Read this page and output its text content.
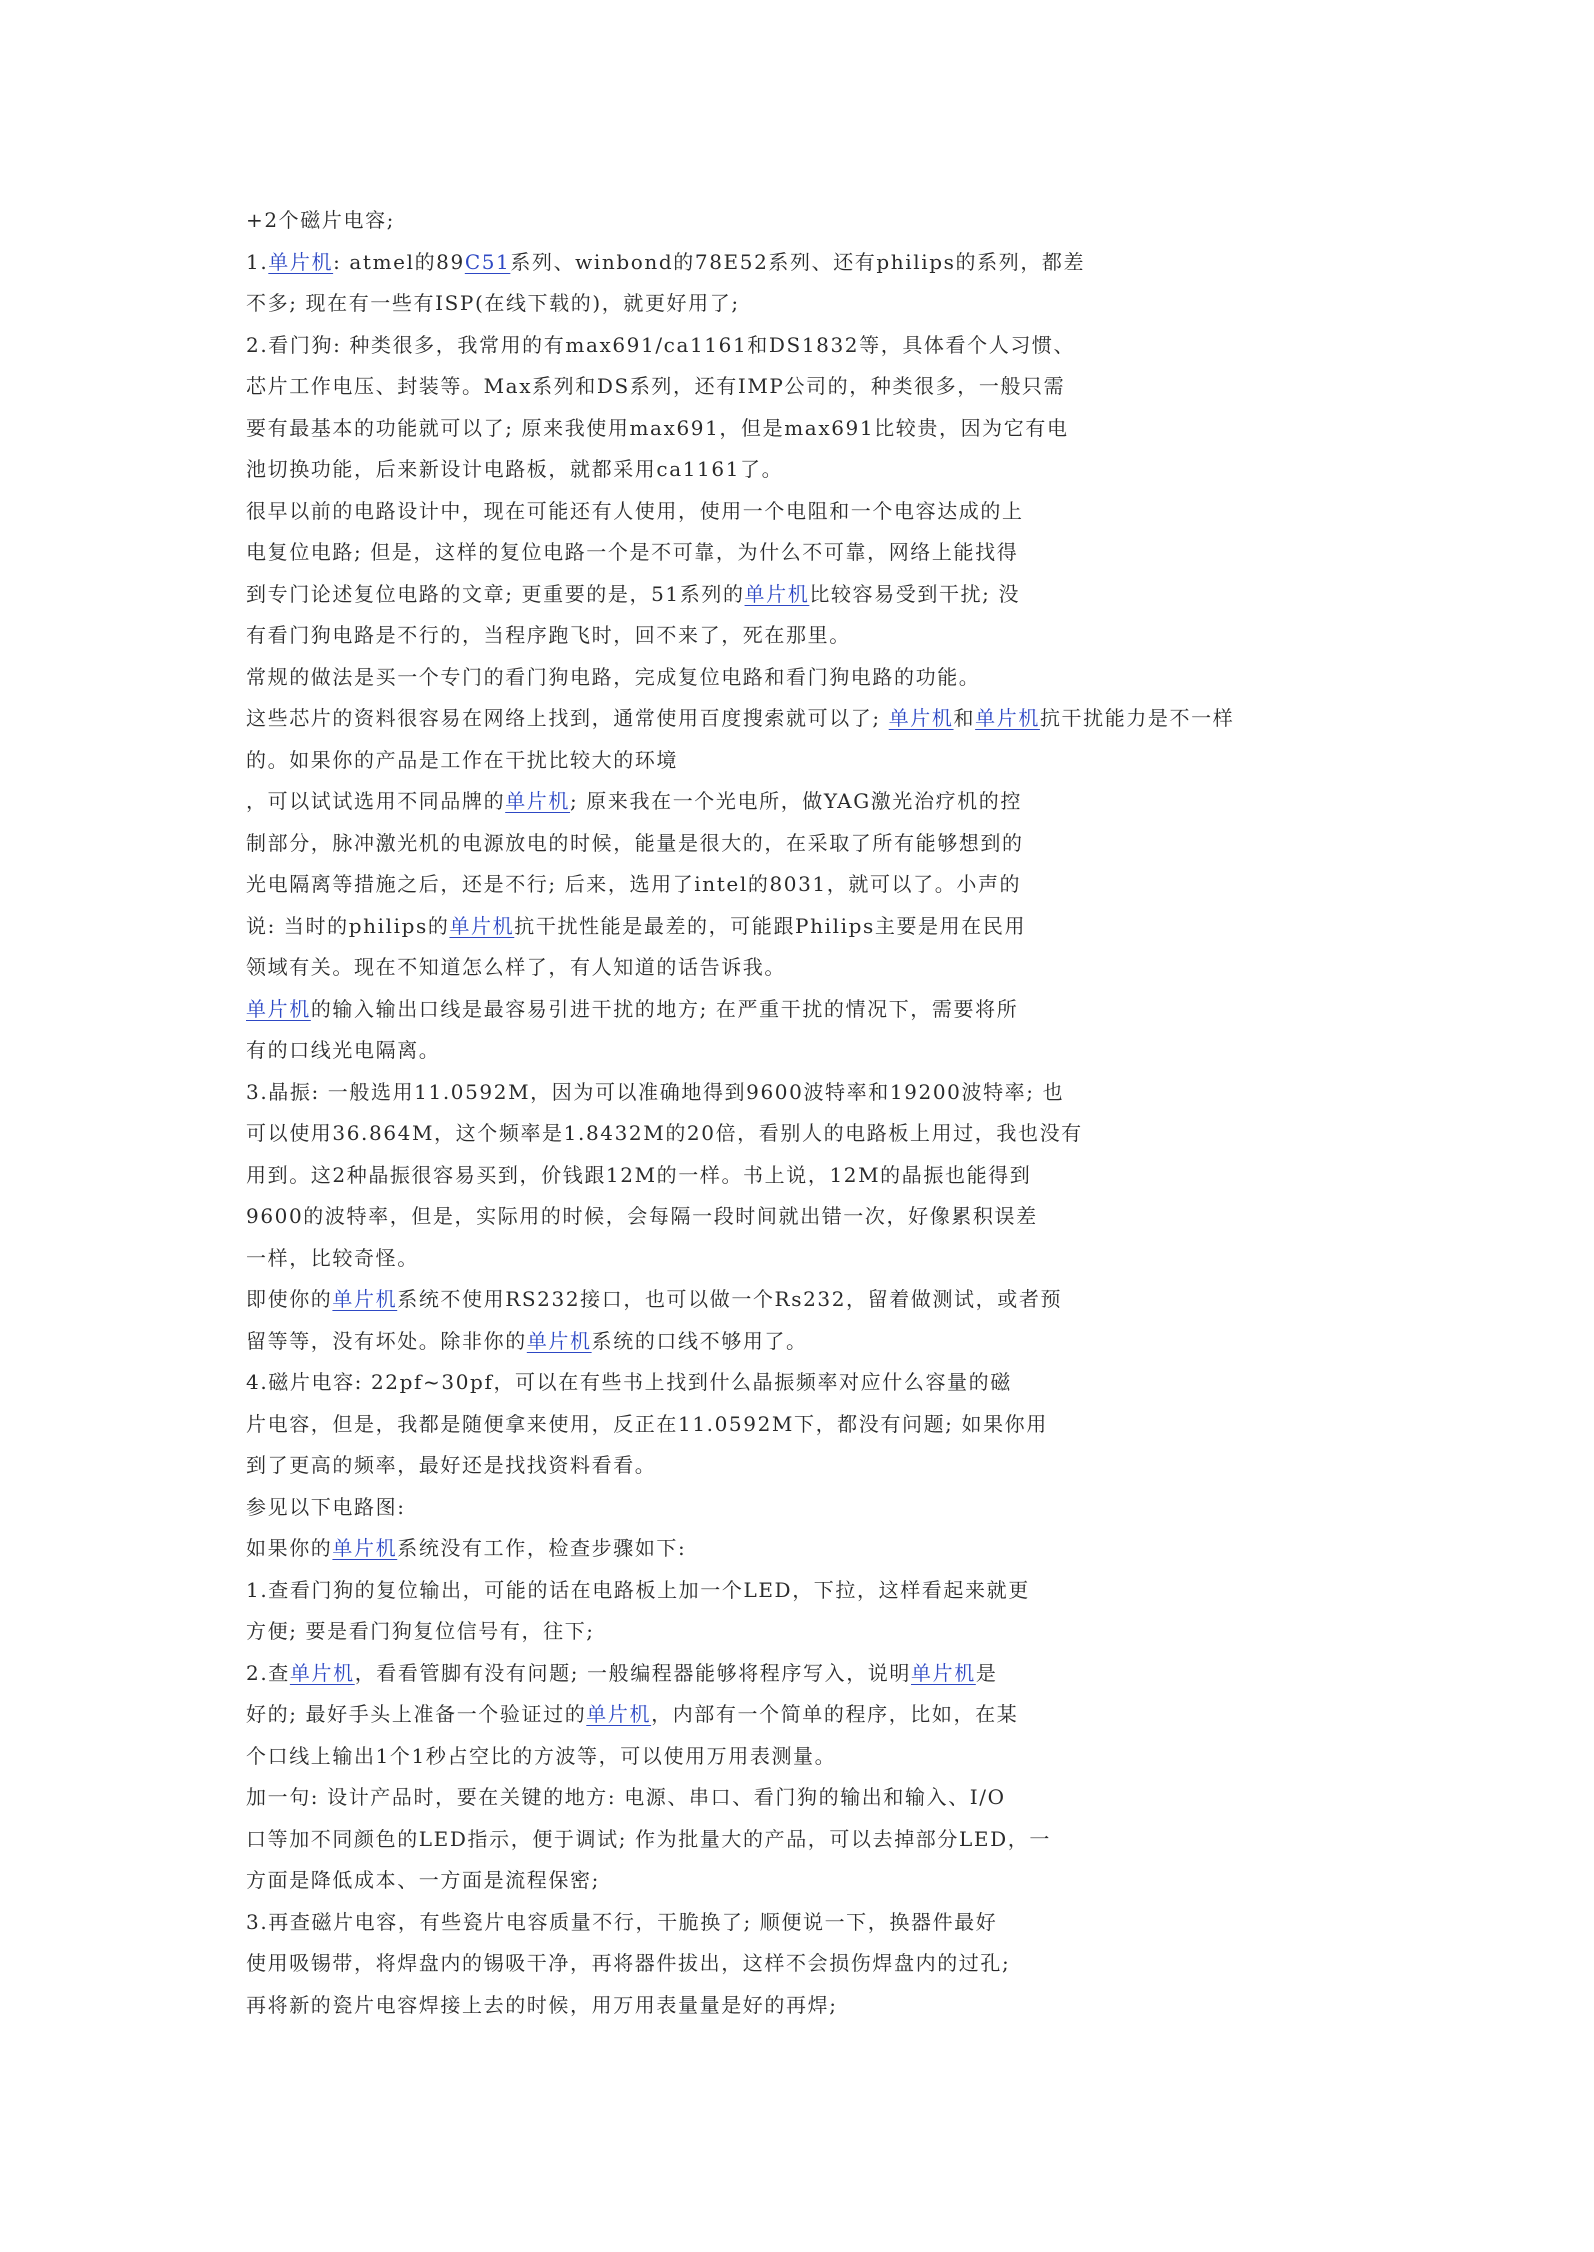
+2个磁片电容;
1.单片机: atmel的89C51系列、winbond的78E52系列、还有philips的系列，都差
不多; 现在有一些有ISP(在线下载的)，就更好用了;
2.看门狗: 种类很多，我常用的有max691/ca1161和DS1832等，具体看个人习惯、
芯片工作电压、封装等。Max系列和DS系列，还有IMP公司的，种类很多，一般只需
要有最基本的功能就可以了; 原来我使用max691，但是max691比较贵，因为它有电
池切换功能，后来新设计电路板，就都采用ca1161了。
很早以前的电路设计中，现在可能还有人使用，使用一个电阻和一个电容达成的上
电复位电路; 但是，这样的复位电路一个是不可靠，为什么不可靠，网络上能找得
到专门论述复位电路的文章; 更重要的是，51系列的单片机比较容易受到干扰; 没
有看门狗电路是不行的，当程序跑飞时，回不来了，死在那里。
常规的做法是买一个专门的看门狗电路，完成复位电路和看门狗电路的功能。
这些芯片的资料很容易在网络上找到，通常使用百度搜索就可以了; 单片机和单片机抗干扰能力是不一样
的。如果你的产品是工作在干扰比较大的环境
，可以试试选用不同品牌的单片机; 原来我在一个光电所，做YAG激光治疗机的控
制部分，脉冲激光机的电源放电的时候，能量是很大的，在采取了所有能够想到的
光电隔离等措施之后，还是不行; 后来，选用了intel的8031，就可以了。小声的
说: 当时的philips的单片机抗干扰性能是最差的，可能跟Philips主要是用在民用
领域有关。现在不知道怎么样了，有人知道的话告诉我。
单片机的输入输出口线是最容易引进干扰的地方; 在严重干扰的情况下，需要将所
有的口线光电隔离。
3.晶振: 一般选用11.0592M，因为可以准确地得到9600波特率和19200波特率; 也
可以使用36.864M，这个频率是1.8432M的20倍，看别人的电路板上用过，我也没有
用到。这2种晶振很容易买到，价钱跟12M的一样。书上说，12M的晶振也能得到
9600的波特率，但是，实际用的时候，会每隔一段时间就出错一次，好像累积误差
一样，比较奇怪。
即使你的单片机系统不使用RS232接口，也可以做一个Rs232，留着做测试，或者预
留等等，没有坏处。除非你的单片机系统的口线不够用了。
4.磁片电容: 22pf~30pf，可以在有些书上找到什么晶振频率对应什么容量的磁
片电容，但是，我都是随便拿来使用，反正在11.0592M下，都没有问题; 如果你用
到了更高的频率，最好还是找找资料看看。
参见以下电路图:
如果你的单片机系统没有工作，检查步骤如下:
1.查看门狗的复位输出，可能的话在电路板上加一个LED，下拉，这样看起来就更
方便; 要是看门狗复位信号有，往下;
2.查单片机，看看管脚有没有问题; 一般编程器能够将程序写入，说明单片机是
好的; 最好手头上准备一个验证过的单片机，内部有一个简单的程序，比如，在某
个口线上输出1个1秒占空比的方波等，可以使用万用表测量。
加一句: 设计产品时，要在关键的地方: 电源、串口、看门狗的输出和输入、I/O
口等加不同颜色的LED指示，便于调试; 作为批量大的产品，可以去掉部分LED，一
方面是降低成本、一方面是流程保密;
3.再查磁片电容，有些瓷片电容质量不行，干脆换了; 顺便说一下，换器件最好
使用吸锡带，将焊盘内的锡吸干净，再将器件拔出，这样不会损伤焊盘内的过孔;
再将新的瓷片电容焊接上去的时候，用万用表量量是好的再焊;
